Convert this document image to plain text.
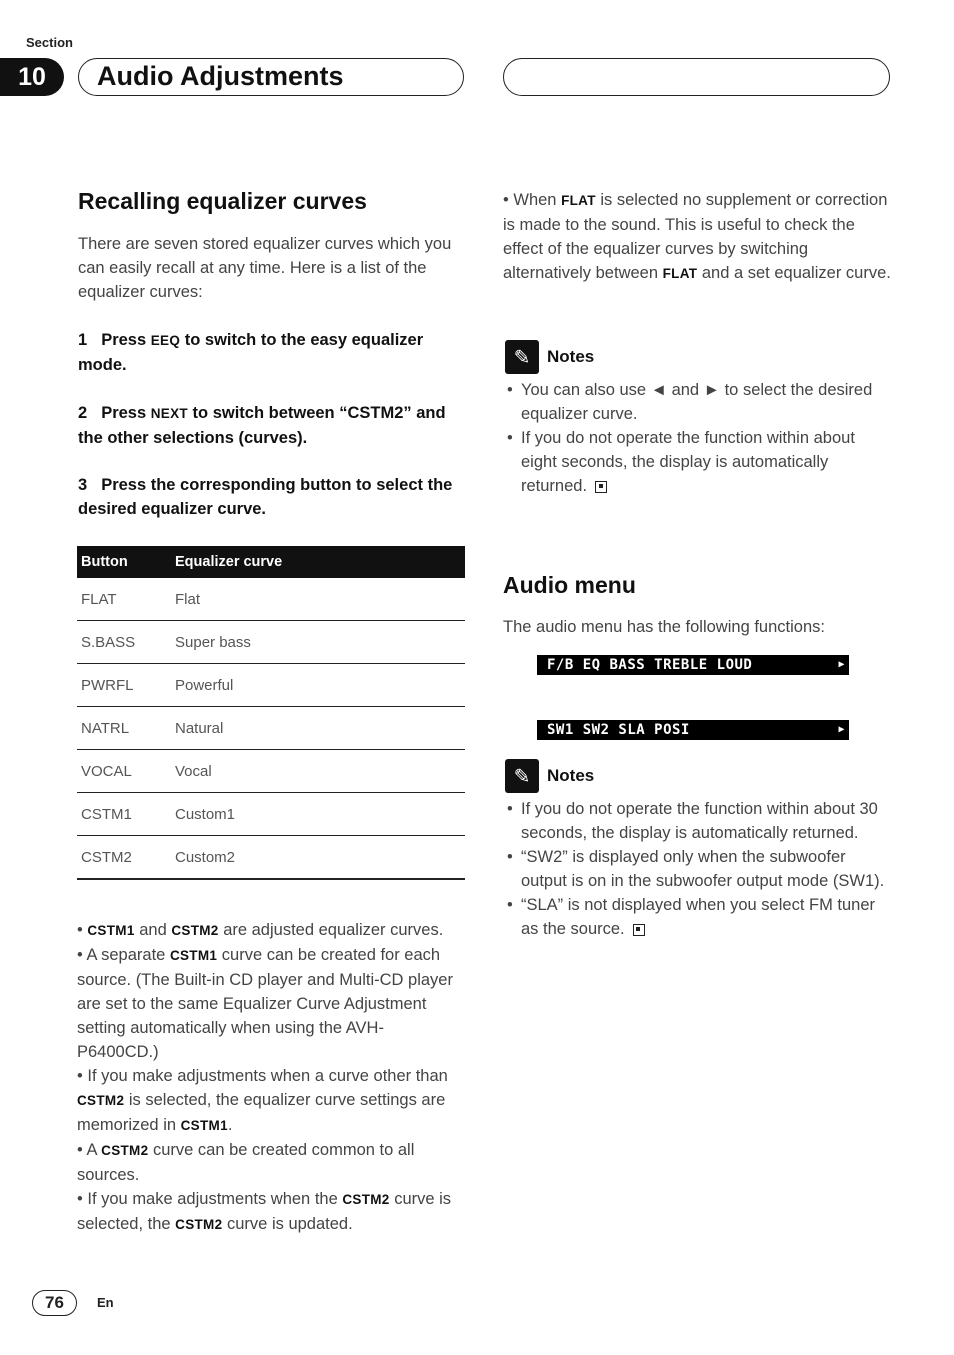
Section
10	Audio Adjustments
Recalling equalizer curves
There are seven stored equalizer curves which you can easily recall at any time. Here is a list of the equalizer curves:
1 Press EEQ to switch to the easy equalizer mode.
2 Press NEXT to switch between “CSTM2” and the other selections (curves).
3 Press the corresponding button to select the desired equalizer curve.
Button	Equalizer curve
FLAT	Flat
S.BASS	Super bass
PWRFL	Powerful
NATRL	Natural
VOCAL	Vocal
CSTM1	Custom1
CSTM2	Custom2

• CSTM1 and CSTM2 are adjusted equalizer curves.

• A separate CSTM1 curve can be created for each source. (The Built-in CD player and Multi-CD player are set to the same Equalizer Curve Adjustment setting automatically when using the AVH-P6400CD.)

• If you make adjustments when a curve other than CSTM2 is selected, the equalizer curve settings are memorized in CSTM1.

• A CSTM2 curve can be created common to all sources.

• If you make adjustments when the CSTM2 curve is selected, the CSTM2 curve is updated.

• When FLAT is selected no supplement or correction is made to the sound. This is useful to check the effect of the equalizer curves by switching alternatively between FLAT and a set equalizer curve.
✎ Notes
• You can also use ◄ and ► to select the desired equalizer curve.
• If you do not operate the function within about eight seconds, the display is automatically returned.
Audio menu
The audio menu has the following functions:
F/B EQ BASS TREBLE LOUD	▶
SW1 SW2 SLA POSI	▶
✎ Notes
• If you do not operate the function within about 30 seconds, the display is automatically returned.
• “SW2” is displayed only when the subwoofer output is on in the subwoofer output mode (SW1).
• “SLA” is not displayed when you select FM tuner as the source.
76	En
